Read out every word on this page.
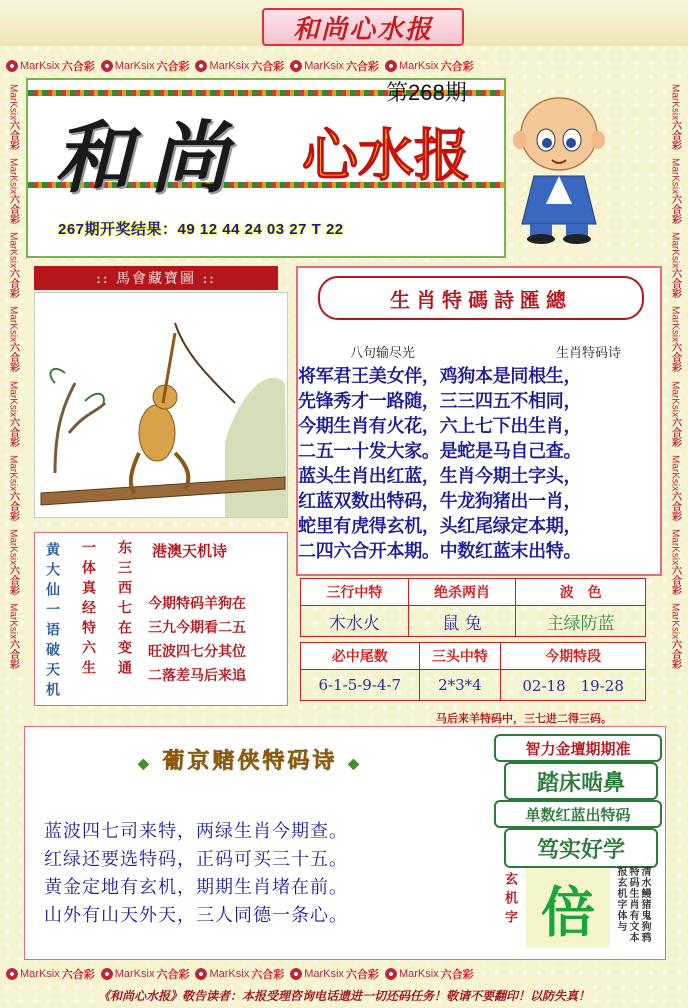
和尚心水报
MarKsix 六合彩 MarKsix 六合彩 MarKsix 六合彩 MarKsix 六合彩 MarKsix 六合彩
MarKsix 六合彩 MarKsix 六合彩 MarKsix 六合彩 MarKsix 六合彩 MarKsix 六合彩
MarKsix六合彩
MarKsix六合彩
MarKsix六合彩
MarKsix六合彩
MarKsix六合彩
MarKsix六合彩
MarKsix六合彩
MarKsix六合彩
MarKsix六合彩
MarKsix六合彩
MarKsix六合彩
MarKsix六合彩
MarKsix六合彩
MarKsix六合彩
MarKsix六合彩
MarKsix六合彩
和尚 心水报
第268期
267期开奖结果：49 12 44 24 03 27 T 22
:: 馬會藏寶圖 ::
生肖特碼詩匯總
八句输尽光	生肖特码诗
将军君王美女伴，鸡狗本是同根生，
先锋秀才一路随，三三四五不相同，
今期生肖有火花，六上七下出生肖，
二五一十发大家。是蛇是马自己查。
蓝头生肖出红蓝，生肖今期土字头，
红蓝双数出特码，牛龙狗猪出一肖，
蛇里有虎得玄机，头红尾绿定本期，
二四六合开本期。中数红蓝末出特。
三行中特	绝杀两肖	波　色
木水火	鼠 兔	主绿防蓝
必中尾数	三头中特	今期特段
6-1-5-9-4-7	2*3*4	02-18　19-28
黄大仙一语破天机 一体真经特六生 东三西七在变通 港澳天机诗
今期特码羊狗在
三九今期看二五
旺波四七分其位
二落差马后来追
马后来羊特码中，三七进二得三码。
◆ 葡京赌侠特码诗 ◆
蓝波四七司来特，两绿生肖今期查。
红绿还要选特码，正码可买三十五。
黄金定地有玄机，期期生肖堵在前。
山外有山天外天，三人同德一条心。
智力金壇期期准
踏床啮鼻
单数红蓝出特码
笃实好学
玄机字 倍	清水鳗猪鬼狗鸦特码生肖有文本报玄机字体与
《和尚心水报》敬告读者：本报受理咨询电话遗进一切还码任务！敬请不要翻印！以防失真！
